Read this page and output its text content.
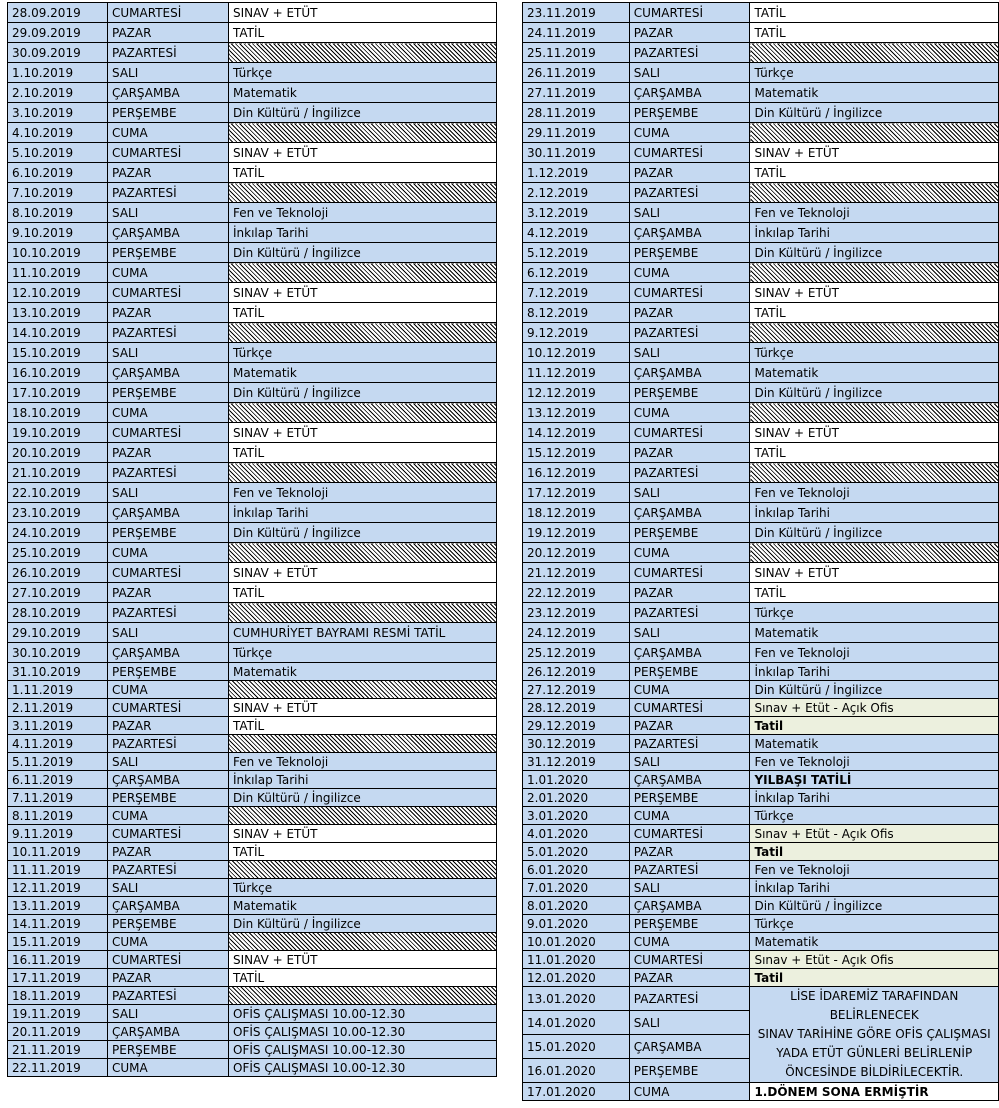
28.09.2019	CUMARTESİ	SINAV + ETÜT
29.09.2019	PAZAR	TATİL
30.09.2019	PAZARTESİ	
1.10.2019	SALI	Türkçe
2.10.2019	ÇARŞAMBA	Matematik
3.10.2019	PERŞEMBE	Din Kültürü / İngilizce
4.10.2019	CUMA	
5.10.2019	CUMARTESİ	SINAV + ETÜT
6.10.2019	PAZAR	TATİL
7.10.2019	PAZARTESİ	
8.10.2019	SALI	Fen ve Teknoloji
9.10.2019	ÇARŞAMBA	İnkılap Tarihi
10.10.2019	PERŞEMBE	Din Kültürü / İngilizce
11.10.2019	CUMA	
12.10.2019	CUMARTESİ	SINAV + ETÜT
13.10.2019	PAZAR	TATİL
14.10.2019	PAZARTESİ	
15.10.2019	SALI	Türkçe
16.10.2019	ÇARŞAMBA	Matematik
17.10.2019	PERŞEMBE	Din Kültürü / İngilizce
18.10.2019	CUMA	
19.10.2019	CUMARTESİ	SINAV + ETÜT
20.10.2019	PAZAR	TATİL
21.10.2019	PAZARTESİ	
22.10.2019	SALI	Fen ve Teknoloji
23.10.2019	ÇARŞAMBA	İnkılap Tarihi
24.10.2019	PERŞEMBE	Din Kültürü / İngilizce
25.10.2019	CUMA	
26.10.2019	CUMARTESİ	SINAV + ETÜT
27.10.2019	PAZAR	TATİL
28.10.2019	PAZARTESİ	
29.10.2019	SALI	CUMHURİYET BAYRAMI RESMİ TATİL
30.10.2019	ÇARŞAMBA	Türkçe
31.10.2019	PERŞEMBE	Matematik
1.11.2019	CUMA	
2.11.2019	CUMARTESİ	SINAV + ETÜT
3.11.2019	PAZAR	TATİL
4.11.2019	PAZARTESİ	
5.11.2019	SALI	Fen ve Teknoloji
6.11.2019	ÇARŞAMBA	İnkılap Tarihi
7.11.2019	PERŞEMBE	Din Kültürü / İngilizce
8.11.2019	CUMA	
9.11.2019	CUMARTESİ	SINAV + ETÜT
10.11.2019	PAZAR	TATİL
11.11.2019	PAZARTESİ	
12.11.2019	SALI	Türkçe
13.11.2019	ÇARŞAMBA	Matematik
14.11.2019	PERŞEMBE	Din Kültürü / İngilizce
15.11.2019	CUMA	
16.11.2019	CUMARTESİ	SINAV + ETÜT
17.11.2019	PAZAR	TATİL
18.11.2019	PAZARTESİ	
19.11.2019	SALI	OFİS ÇALIŞMASI 10.00-12.30
20.11.2019	ÇARŞAMBA	OFİS ÇALIŞMASI 10.00-12.30
21.11.2019	PERŞEMBE	OFİS ÇALIŞMASI 10.00-12.30
22.11.2019	CUMA	OFİS ÇALIŞMASI 10.00-12.30
23.11.2019	CUMARTESİ	TATİL
24.11.2019	PAZAR	TATİL
25.11.2019	PAZARTESİ	
26.11.2019	SALI	Türkçe
27.11.2019	ÇARŞAMBA	Matematik
28.11.2019	PERŞEMBE	Din Kültürü / İngilizce
29.11.2019	CUMA	
30.11.2019	CUMARTESİ	SINAV + ETÜT
1.12.2019	PAZAR	TATİL
2.12.2019	PAZARTESİ	
3.12.2019	SALI	Fen ve Teknoloji
4.12.2019	ÇARŞAMBA	İnkılap Tarihi
5.12.2019	PERŞEMBE	Din Kültürü / İngilizce
6.12.2019	CUMA	
7.12.2019	CUMARTESİ	SINAV + ETÜT
8.12.2019	PAZAR	TATİL
9.12.2019	PAZARTESİ	
10.12.2019	SALI	Türkçe
11.12.2019	ÇARŞAMBA	Matematik
12.12.2019	PERŞEMBE	Din Kültürü / İngilizce
13.12.2019	CUMA	
14.12.2019	CUMARTESİ	SINAV + ETÜT
15.12.2019	PAZAR	TATİL
16.12.2019	PAZARTESİ	
17.12.2019	SALI	Fen ve Teknoloji
18.12.2019	ÇARŞAMBA	İnkılap Tarihi
19.12.2019	PERŞEMBE	Din Kültürü / İngilizce
20.12.2019	CUMA	
21.12.2019	CUMARTESİ	SINAV + ETÜT
22.12.2019	PAZAR	TATİL
23.12.2019	PAZARTESİ	Türkçe
24.12.2019	SALI	Matematik
25.12.2019	ÇARŞAMBA	Fen ve Teknoloji
26.12.2019	PERŞEMBE	İnkılap Tarihi
27.12.2019	CUMA	Din Kültürü / İngilizce
28.12.2019	CUMARTESİ	Sınav + Etüt - Açık Ofis
29.12.2019	PAZAR	Tatil
30.12.2019	PAZARTESİ	Matematik
31.12.2019	SALI	Fen ve Teknoloji
1.01.2020	ÇARŞAMBA	YILBAŞI TATİLİ
2.01.2020	PERŞEMBE	İnkılap Tarihi
3.01.2020	CUMA	Türkçe
4.01.2020	CUMARTESİ	Sınav + Etüt - Açık Ofis
5.01.2020	PAZAR	Tatil
6.01.2020	PAZARTESİ	Fen ve Teknoloji
7.01.2020	SALI	İnkılap Tarihi
8.01.2020	ÇARŞAMBA	Din Kültürü / İngilizce
9.01.2020	PERŞEMBE	Türkçe
10.01.2020	CUMA	Matematik
11.01.2020	CUMARTESİ	Sınav + Etüt - Açık Ofis
12.01.2020	PAZAR	Tatil
13.01.2020	PAZARTESİ	LİSE İDAREMİZ TARAFINDAN BELİRLENECEK
SINAV TARİHİNE GÖRE OFİS ÇALIŞMASI
YADA ETÜT GÜNLERİ BELİRLENİP
ÖNCESİNDE BİLDİRİLECEKTİR.

14.01.2020	SALI	
15.01.2020	ÇARŞAMBA	
16.01.2020	PERŞEMBE	
17.01.2020	CUMA	1.DÖNEM SONA ERMİŞTİR
